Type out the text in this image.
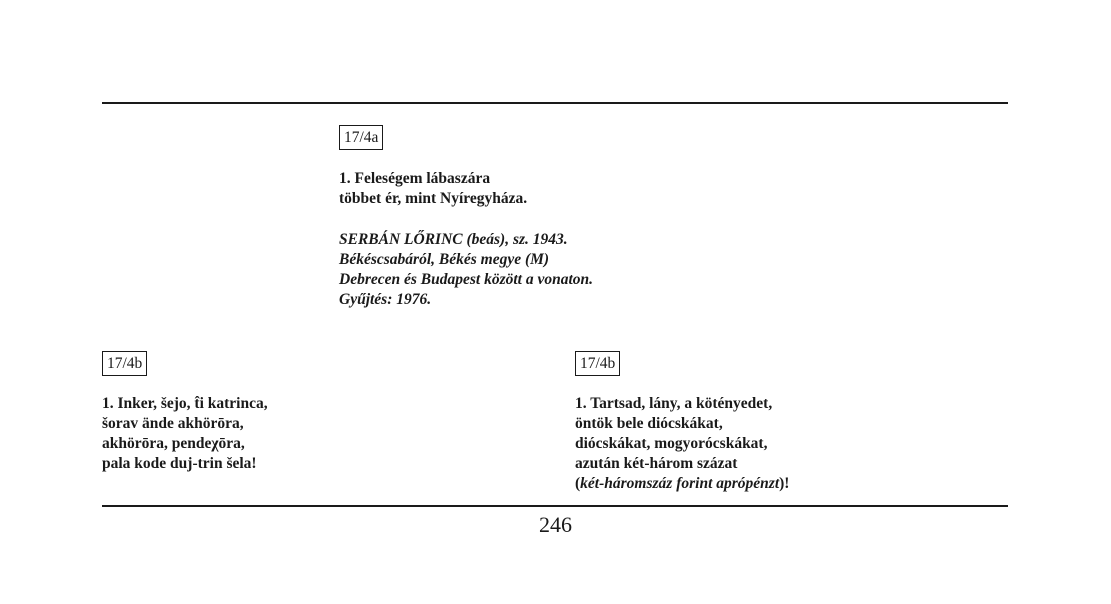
17/4a
1. Feleségem lábaszára
többet ér, mint Nyíregyháza.
SERBÁN LŐRINC (beás), sz. 1943.
Békéscsabáról, Békés megye (M)
Debrecen és Budapest között a vonaton.
Gyűjtés: 1976.
17/4b
1. Inker, šejo, t̂i katrinca,
šorav ände akhörōra,
akhörōra, pendeχōra,
pala kode duj-trin šela!
17/4b
1. Tartsad, lány, a kötényedet,
öntök bele diócskákat,
diócskákat, mogyorócskákat,
azután két-három százat
(két-háromszáz forint aprópénzt)!
246
